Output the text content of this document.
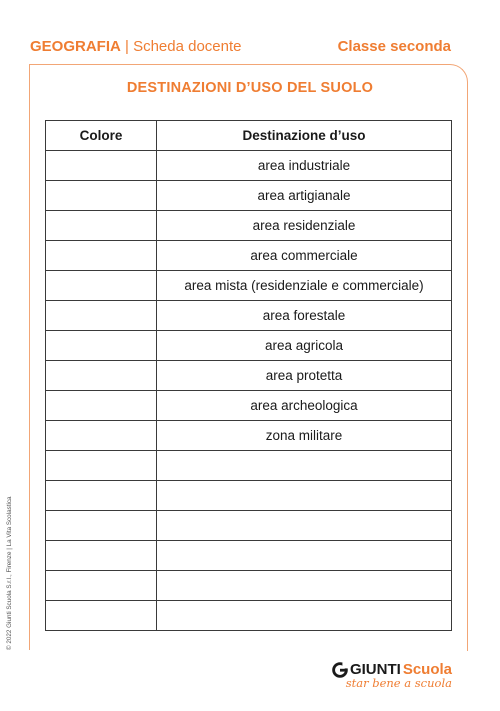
GEOGRAFIA | Scheda docente	Classe seconda
DESTINAZIONI D’USO DEL SUOLO
Colore	Destinazione d’uso
	area industriale
	area artigianale
	area residenziale
	area commerciale
	area mista (residenziale e commerciale)
	area forestale
	area agricola
	area protetta
	area archeologica
	zona militare

© 2022 Giunti Scuola S.r.l., Firenze | La Vita Scolastica
GIUNTI Scuola
star bene a scuola
